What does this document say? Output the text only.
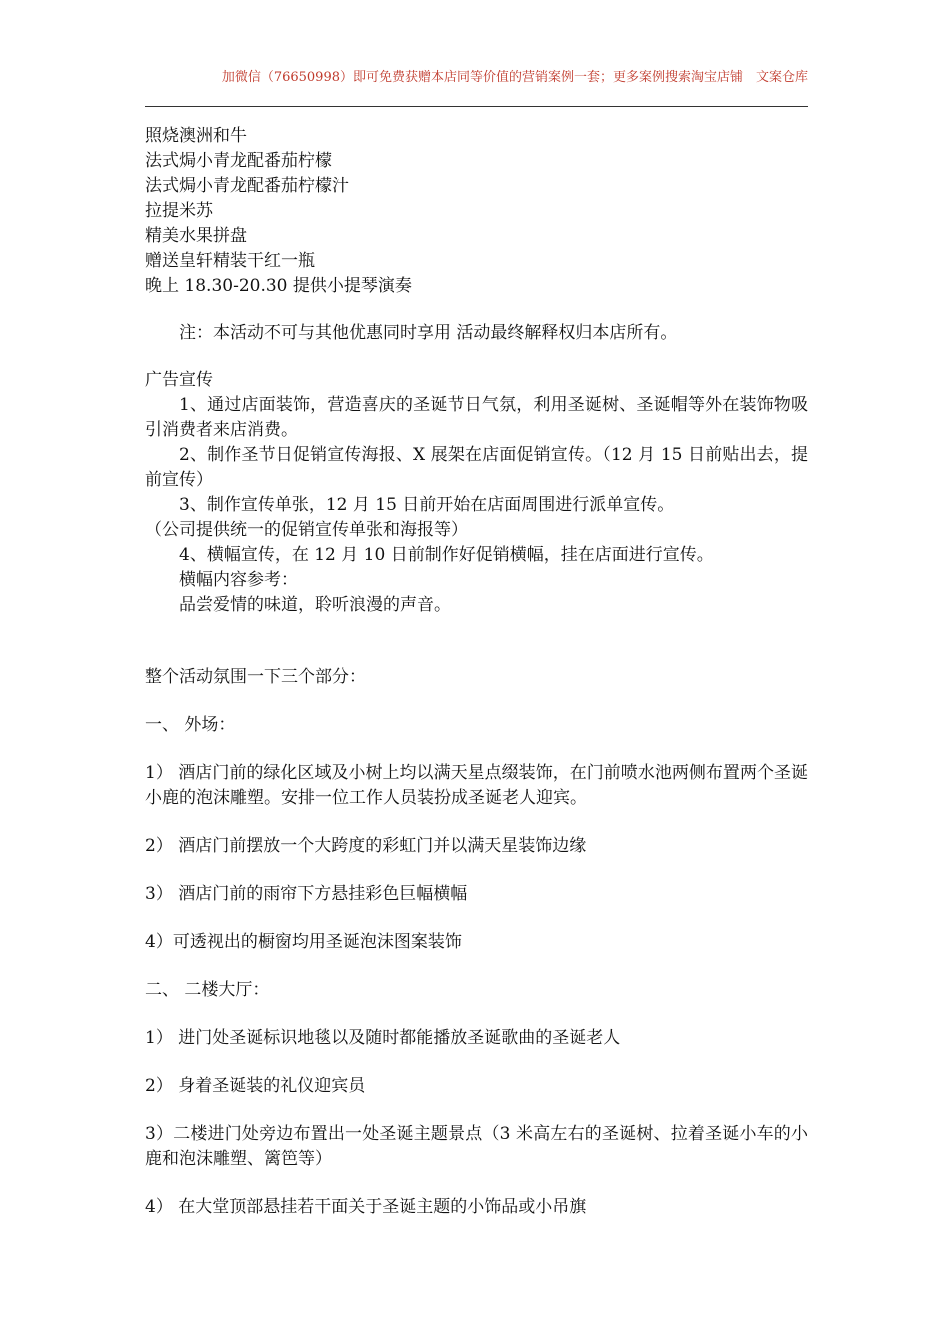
加微信（76650998）即可免费获赠本店同等价值的营销案例一套；更多案例搜索淘宝店铺　文案仓库

照烧澳洲和牛

法式焗小青龙配番茄柠檬

法式焗小青龙配番茄柠檬汁

拉提米苏

精美水果拼盘

赠送皇轩精装干红一瓶

晚上 18.30-20.30 提供小提琴演奏

注：本活动不可与其他优惠同时享用 活动最终解释权归本店所有。

广告宣传

1、通过店面装饰，营造喜庆的圣诞节日气氛，利用圣诞树、圣诞帽等外在装饰物吸引消费者来店消费。

2、制作圣节日促销宣传海报、X 展架在店面促销宣传。（12 月 15 日前贴出去，提前宣传）

3、制作宣传单张，12 月 15 日前开始在店面周围进行派单宣传。

（公司提供统一的促销宣传单张和海报等）

4、横幅宣传，在 12 月 10 日前制作好促销横幅，挂在店面进行宣传。

横幅内容参考：

品尝爱情的味道，聆听浪漫的声音。

整个活动氛围一下三个部分：

一、 外场：

1） 酒店门前的绿化区域及小树上均以满天星点缀装饰，在门前喷水池两侧布置两个圣诞小鹿的泡沫雕塑。安排一位工作人员装扮成圣诞老人迎宾。

2） 酒店门前摆放一个大跨度的彩虹门并以满天星装饰边缘

3） 酒店门前的雨帘下方悬挂彩色巨幅横幅

4）可透视出的橱窗均用圣诞泡沫图案装饰

二、 二楼大厅：

1） 进门处圣诞标识地毯以及随时都能播放圣诞歌曲的圣诞老人

2） 身着圣诞装的礼仪迎宾员

3）二楼进门处旁边布置出一处圣诞主题景点（3 米高左右的圣诞树、拉着圣诞小车的小鹿和泡沫雕塑、篱笆等）

4） 在大堂顶部悬挂若干面关于圣诞主题的小饰品或小吊旗
